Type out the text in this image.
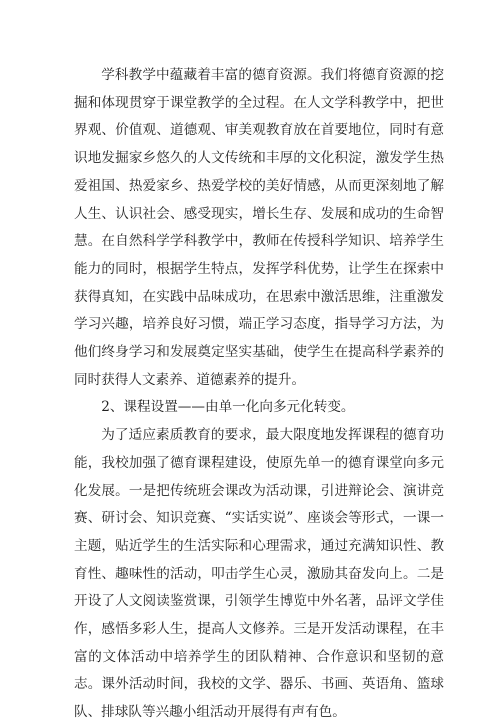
学科教学中蕴藏着丰富的德育资源。我们将德育资源的挖掘和体现贯穿于课堂教学的全过程。在人文学科教学中，把世界观、价值观、道德观、审美观教育放在首要地位，同时有意识地发掘家乡悠久的人文传统和丰厚的文化积淀，激发学生热爱祖国、热爱家乡、热爱学校的美好情感，从而更深刻地了解人生、认识社会、感受现实，增长生存、发展和成功的生命智慧。在自然科学学科教学中，教师在传授科学知识、培养学生能力的同时，根据学生特点，发挥学科优势，让学生在探索中获得真知，在实践中品味成功，在思索中激活思维，注重激发学习兴趣，培养良好习惯，端正学习态度，指导学习方法，为他们终身学习和发展奠定坚实基础，使学生在提高科学素养的同时获得人文素养、道德素养的提升。

2、课程设置——由单一化向多元化转变。

为了适应素质教育的要求，最大限度地发挥课程的德育功能，我校加强了德育课程建设，使原先单一的德育课堂向多元化发展。一是把传统班会课改为活动课，引进辩论会、演讲竞赛、研讨会、知识竞赛、“实话实说”、座谈会等形式，一课一主题，贴近学生的生活实际和心理需求，通过充满知识性、教育性、趣味性的活动，叩击学生心灵，激励其奋发向上。二是开设了人文阅读鉴赏课，引领学生博览中外名著，品评文学佳作，感悟多彩人生，提高人文修养。三是开发活动课程，在丰富的文体活动中培养学生的团队精神、合作意识和坚韧的意志。课外活动时间，我校的文学、器乐、书画、英语角、篮球队、排球队等兴趣小组活动开展得有声有色。
